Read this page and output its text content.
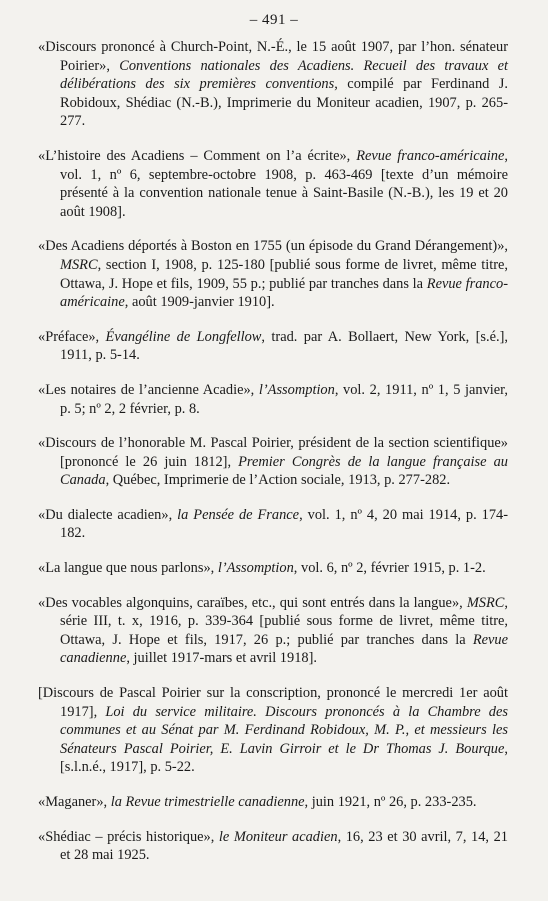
– 491 –

«Discours prononcé à Church-Point, N.-É., le 15 août 1907, par l’hon. sénateur Poirier», Conventions nationales des Acadiens. Recueil des travaux et délibérations des six premières conventions, compilé par Ferdinand J. Robidoux, Shédiac (N.-B.), Imprimerie du Moniteur acadien, 1907, p. 265-277.

«L’histoire des Acadiens – Comment on l’a écrite», Revue franco-américaine, vol. 1, nº 6, septembre-octobre 1908, p. 463-469 [texte d’un mémoire présenté à la convention nationale tenue à Saint-Basile (N.-B.), les 19 et 20 août 1908].

«Des Acadiens déportés à Boston en 1755 (un épisode du Grand Dérangement)», MSRC, section I, 1908, p. 125-180 [publié sous forme de livret, même titre, Ottawa, J. Hope et fils, 1909, 55 p.; publié par tranches dans la Revue franco-américaine, août 1909-janvier 1910].

«Préface», Évangéline de Longfellow, trad. par A. Bollaert, New York, [s.é.], 1911, p. 5-14.

«Les notaires de l’ancienne Acadie», l’Assomption, vol. 2, 1911, nº 1, 5 janvier, p. 5; nº 2, 2 février, p. 8.

«Discours de l’honorable M. Pascal Poirier, président de la section scientifique» [prononcé le 26 juin 1812], Premier Congrès de la langue française au Canada, Québec, Imprimerie de l’Action sociale, 1913, p. 277-282.

«Du dialecte acadien», la Pensée de France, vol. 1, nº 4, 20 mai 1914, p. 174-182.

«La langue que nous parlons», l’Assomption, vol. 6, nº 2, février 1915, p. 1-2.

«Des vocables algonquins, caraïbes, etc., qui sont entrés dans la langue», MSRC, série III, t. x, 1916, p. 339-364 [publié sous forme de livret, même titre, Ottawa, J. Hope et fils, 1917, 26 p.; publié par tranches dans la Revue canadienne, juillet 1917-mars et avril 1918].

[Discours de Pascal Poirier sur la conscription, prononcé le mercredi 1er août 1917], Loi du service militaire. Discours prononcés à la Chambre des communes et au Sénat par M. Ferdinand Robidoux, M. P., et messieurs les Sénateurs Pascal Poirier, E. Lavin Girroir et le Dr Thomas J. Bourque, [s.l.n.é., 1917], p. 5-22.

«Maganer», la Revue trimestrielle canadienne, juin 1921, nº 26, p. 233-235.

«Shédiac – précis historique», le Moniteur acadien, 16, 23 et 30 avril, 7, 14, 21 et 28 mai 1925.
